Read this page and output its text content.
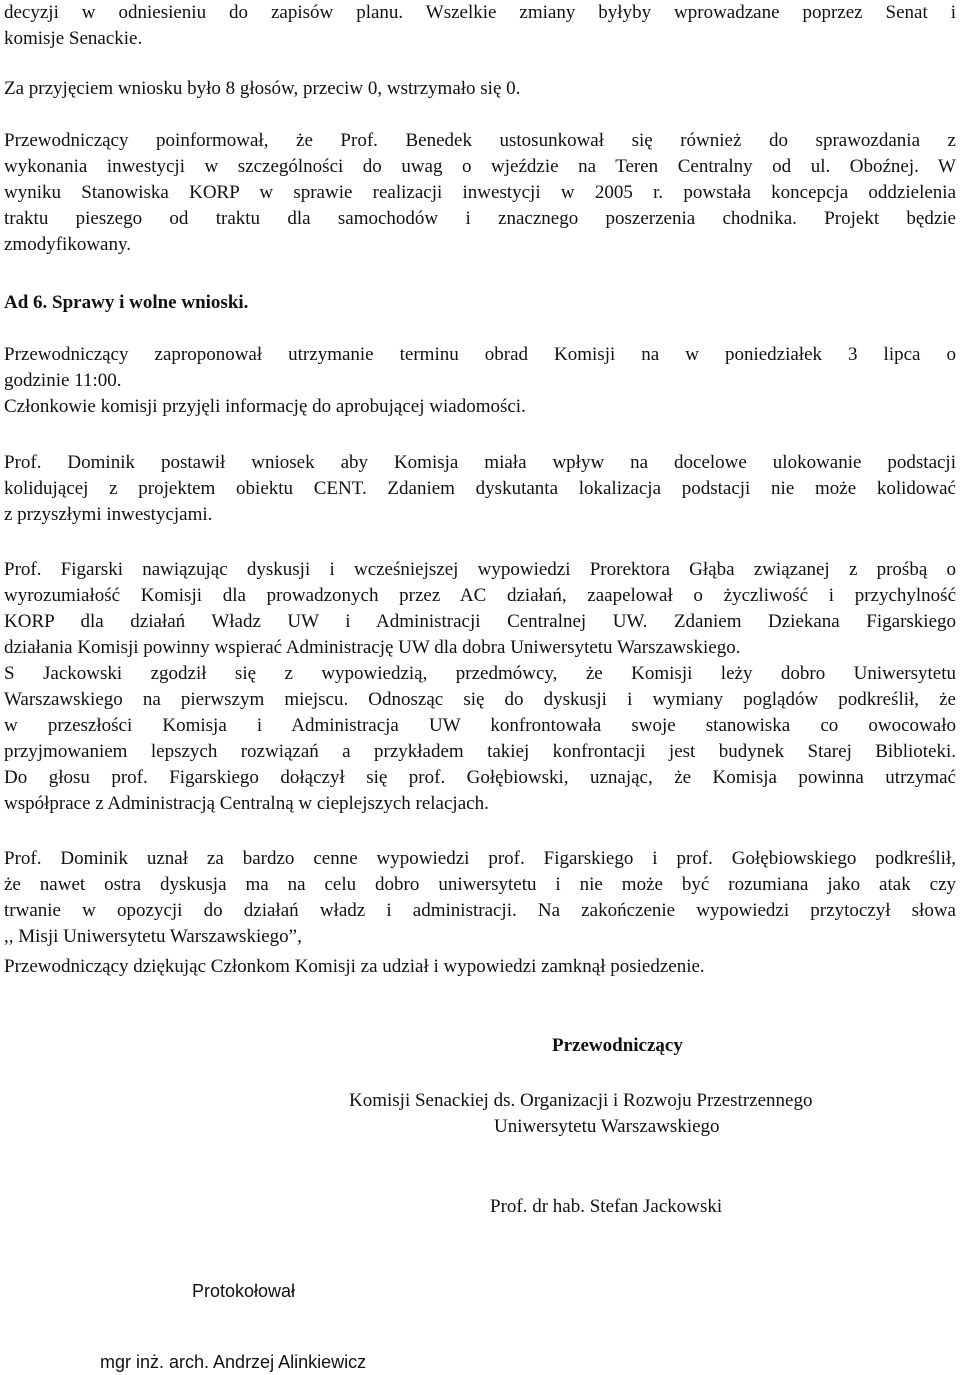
decyzji w odniesieniu do zapisów planu. Wszelkie zmiany byłyby wprowadzane poprzez Senat i
komisje Senackie.
Za przyjęciem wniosku było 8 głosów, przeciw 0, wstrzymało się 0.
Przewodniczący poinformował, że Prof. Benedek ustosunkował się również do sprawozdania z
wykonania inwestycji w szczególności do uwag o wjeździe na Teren Centralny od ul. Oboźnej. W
wyniku Stanowiska KORP w sprawie realizacji inwestycji w 2005 r. powstała koncepcja oddzielenia
traktu pieszego od traktu dla samochodów i znacznego poszerzenia chodnika. Projekt będzie
zmodyfikowany.
Ad 6. Sprawy i wolne wnioski.
Przewodniczący zaproponował utrzymanie terminu obrad Komisji na w poniedziałek 3 lipca o
godzinie 11:00.
Członkowie komisji przyjęli informację do aprobującej wiadomości.
Prof. Dominik postawił wniosek aby Komisja miała wpływ na docelowe ulokowanie podstacji
kolidującej z projektem obiektu CENT. Zdaniem dyskutanta lokalizacja podstacji nie może kolidować
z przyszłymi inwestycjami.
Prof. Figarski nawiązując dyskusji i wcześniejszej wypowiedzi Prorektora Głąba związanej z prośbą o
wyrozumiałość Komisji dla prowadzonych przez AC działań, zaapelował o życzliwość i przychylność
KORP dla działań Władz UW i Administracji Centralnej UW. Zdaniem Dziekana Figarskiego
działania Komisji powinny wspierać Administrację UW dla dobra Uniwersytetu Warszawskiego.
S Jackowski zgodził się z wypowiedzią, przedmówcy, że Komisji leży dobro Uniwersytetu
Warszawskiego na pierwszym miejscu. Odnosząc się do dyskusji i wymiany poglądów podkreślił, że
w przeszłości Komisja i Administracja UW konfrontowała swoje stanowiska co owocowało
przyjmowaniem lepszych rozwiązań a przykładem takiej konfrontacji jest budynek Starej Biblioteki.
Do głosu prof. Figarskiego dołączył się prof. Gołębiowski, uznając, że Komisja powinna utrzymać
współprace z Administracją Centralną w cieplejszych relacjach.
Prof. Dominik uznał za bardzo cenne wypowiedzi prof. Figarskiego i prof. Gołębiowskiego podkreślił,
że nawet ostra dyskusja ma na celu dobro uniwersytetu i nie może być rozumiana jako atak czy
trwanie w opozycji do działań władz i administracji. Na zakończenie wypowiedzi przytoczył słowa
,, Misji Uniwersytetu Warszawskiego”,
Przewodniczący dziękując Członkom Komisji za udział i wypowiedzi zamknął posiedzenie.
Przewodniczący
Komisji Senackiej ds. Organizacji i Rozwoju Przestrzennego
Uniwersytetu Warszawskiego
Prof. dr hab. Stefan Jackowski
Protokołował
mgr inż. arch. Andrzej Alinkiewicz
